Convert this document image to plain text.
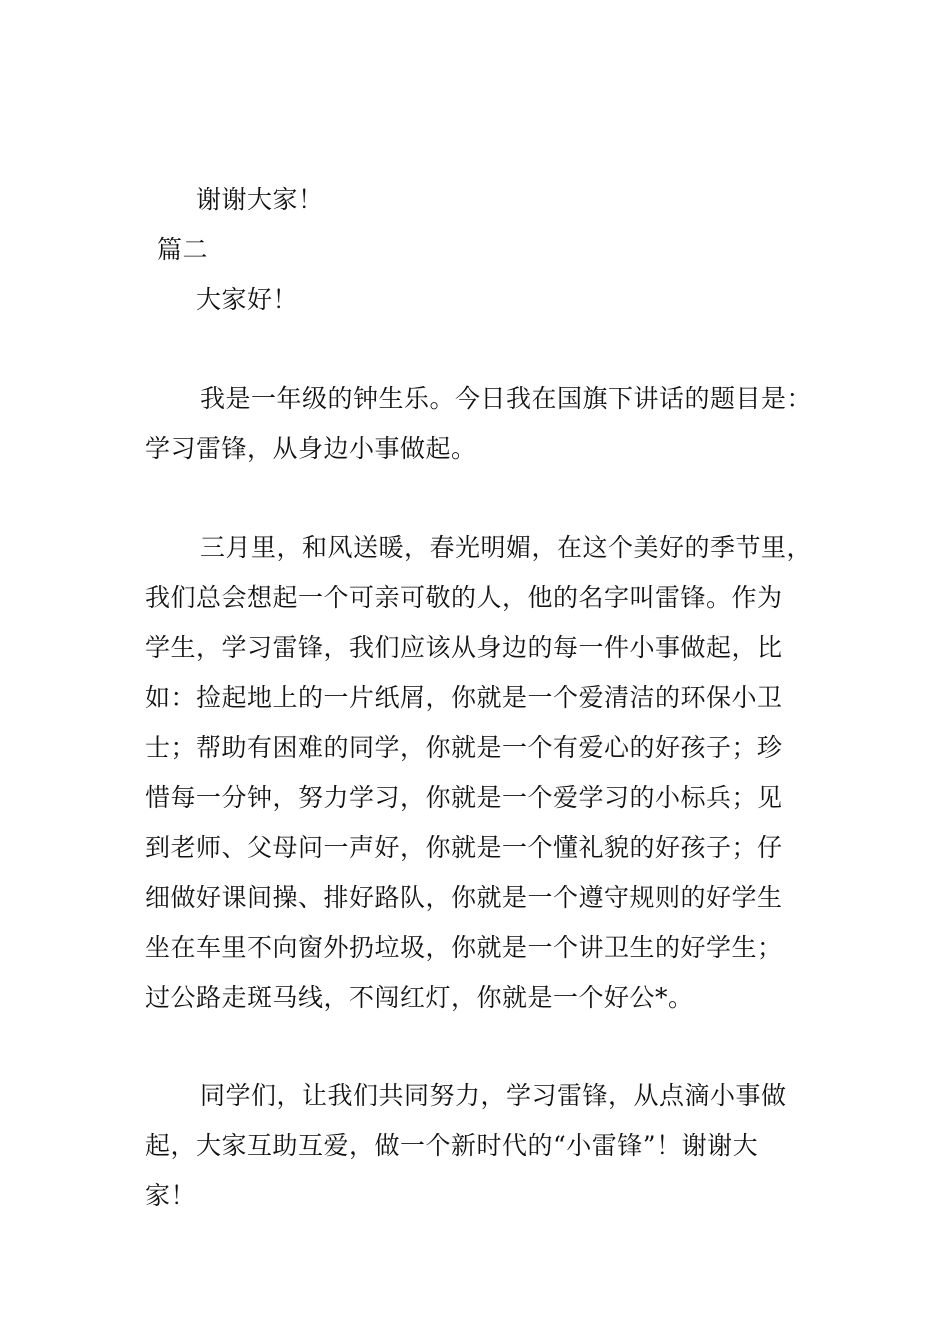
谢谢大家！
篇二
大家好！
我是一年级的钟生乐。今日我在国旗下讲话的题目是：
学习雷锋，从身边小事做起。
三月里，和风送暖，春光明媚，在这个美好的季节里，
我们总会想起一个可亲可敬的人，他的名字叫雷锋。作为
学生，学习雷锋，我们应该从身边的每一件小事做起，比
如：捡起地上的一片纸屑，你就是一个爱清洁的环保小卫
士；帮助有困难的同学，你就是一个有爱心的好孩子；珍
惜每一分钟，努力学习，你就是一个爱学习的小标兵；见
到老师、父母问一声好，你就是一个懂礼貌的好孩子；仔
细做好课间操、排好路队，你就是一个遵守规则的好学生
坐在车里不向窗外扔垃圾，你就是一个讲卫生的好学生；
过公路走斑马线，不闯红灯，你就是一个好公*。
同学们，让我们共同努力，学习雷锋，从点滴小事做
起，大家互助互爱，做一个新时代的“小雷锋”！谢谢大
家！
